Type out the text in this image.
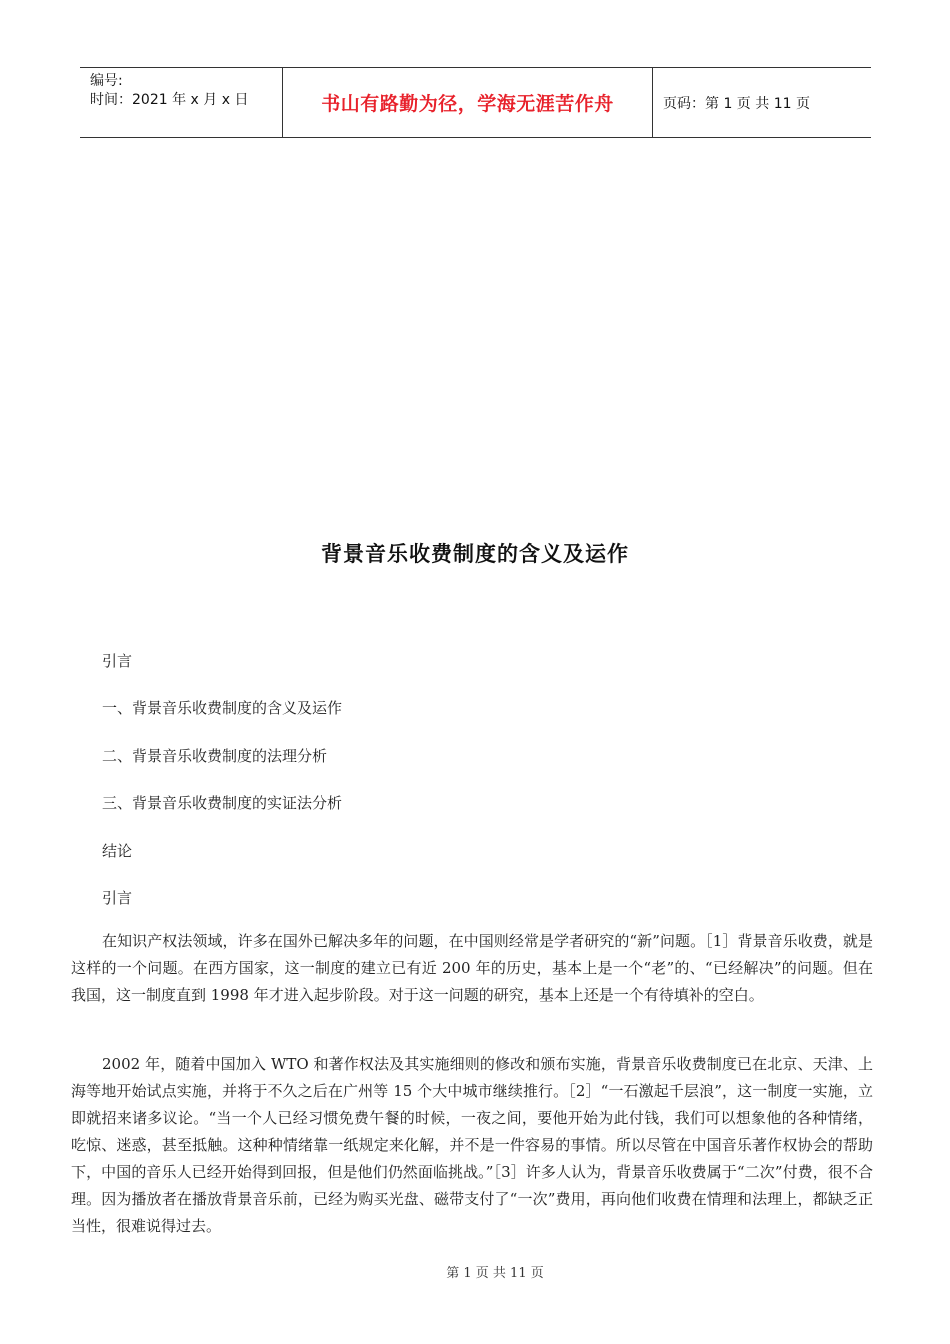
编号:
时间：2021 年 x 月 x 日	书山有路勤为径，学海无涯苦作舟	页码：第 1 页 共 11 页
背景音乐收费制度的含义及运作
引言
一、背景音乐收费制度的含义及运作
二、背景音乐收费制度的法理分析
三、背景音乐收费制度的实证法分析
结论
引言
在知识产权法领域，许多在国外已解决多年的问题，在中国则经常是学者研究的“新”问题。［1］背景音乐收费，就是这样的一个问题。在西方国家，这一制度的建立已有近 200 年的历史，基本上是一个“老”的、“已经解决”的问题。但在我国，这一制度直到 1998 年才进入起步阶段。对于这一问题的研究，基本上还是一个有待填补的空白。
2002 年，随着中国加入 WTO 和著作权法及其实施细则的修改和颁布实施，背景音乐收费制度已在北京、天津、上海等地开始试点实施，并将于不久之后在广州等 15 个大中城市继续推行。［2］“一石激起千层浪”，这一制度一实施，立即就招来诸多议论。“当一个人已经习惯免费午餐的时候，一夜之间，要他开始为此付钱，我们可以想象他的各种情绪，吃惊、迷惑，甚至抵触。这种种情绪靠一纸规定来化解，并不是一件容易的事情。所以尽管在中国音乐著作权协会的帮助下，中国的音乐人已经开始得到回报，但是他们仍然面临挑战。”［3］许多人认为，背景音乐收费属于“二次”付费，很不合理。因为播放者在播放背景音乐前，已经为购买光盘、磁带支付了“一次”费用，再向他们收费在情理和法理上，都缺乏正当性，很难说得过去。
第 1 页 共 11 页
